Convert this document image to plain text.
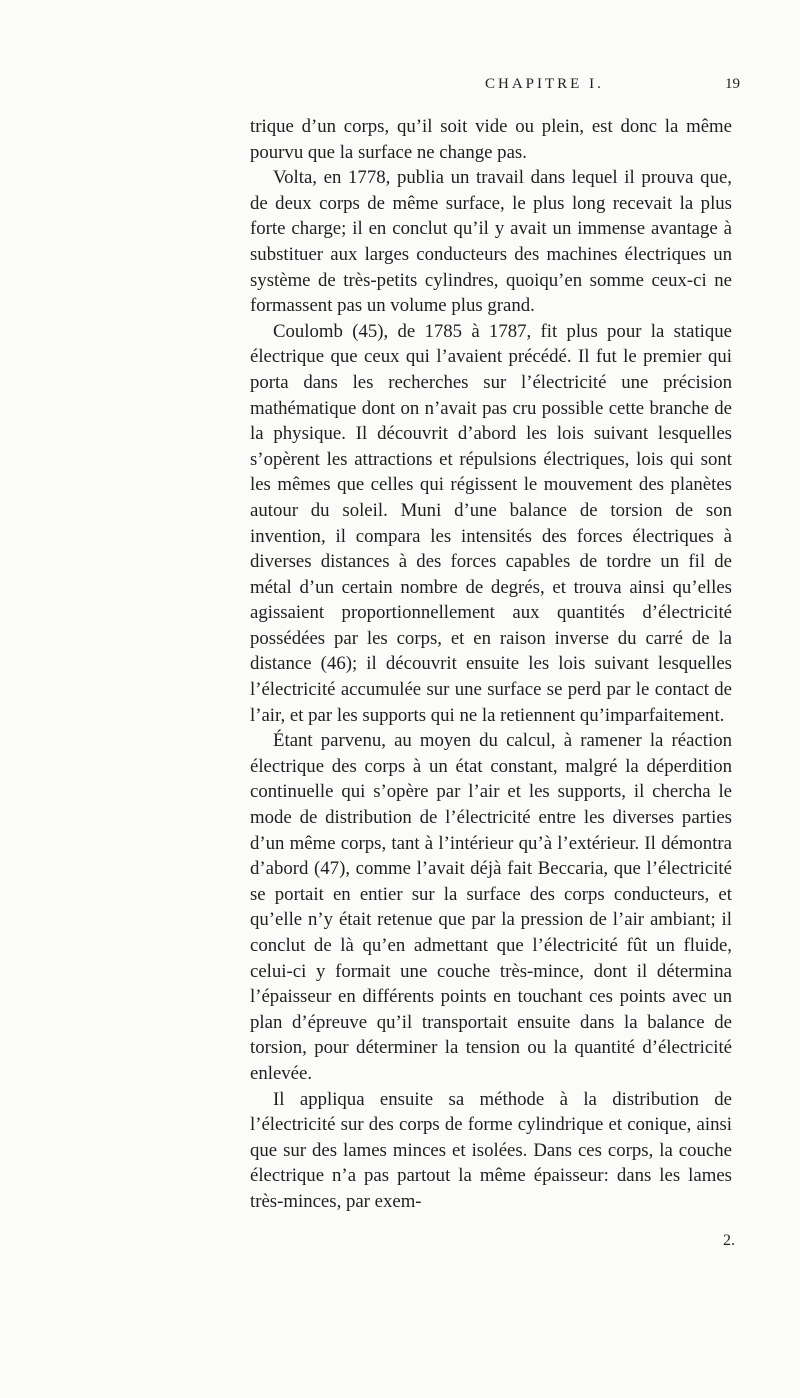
CHAPITRE I.	19

trique d’un corps, qu’il soit vide ou plein, est donc la même pourvu que la surface ne change pas.

Volta, en 1778, publia un travail dans lequel il prouva que, de deux corps de même surface, le plus long recevait la plus forte charge; il en conclut qu’il y avait un immense avantage à substituer aux larges conducteurs des machines électriques un système de très-petits cylindres, quoiqu’en somme ceux-ci ne formassent pas un volume plus grand.

Coulomb (45), de 1785 à 1787, fit plus pour la statique électrique que ceux qui l’avaient précédé. Il fut le premier qui porta dans les recherches sur l’électricité une précision mathématique dont on n’avait pas cru possible cette branche de la physique. Il découvrit d’abord les lois suivant lesquelles s’opèrent les attractions et répulsions électriques, lois qui sont les mêmes que celles qui régissent le mouvement des planètes autour du soleil. Muni d’une balance de torsion de son invention, il compara les intensités des forces électriques à diverses distances à des forces capables de tordre un fil de métal d’un certain nombre de degrés, et trouva ainsi qu’elles agissaient proportionnellement aux quantités d’électricité possédées par les corps, et en raison inverse du carré de la distance (46); il découvrit ensuite les lois suivant lesquelles l’électricité accumulée sur une surface se perd par le contact de l’air, et par les supports qui ne la retiennent qu’imparfaitement.

Étant parvenu, au moyen du calcul, à ramener la réaction électrique des corps à un état constant, malgré la déperdition continuelle qui s’opère par l’air et les supports, il chercha le mode de distribution de l’électricité entre les diverses parties d’un même corps, tant à l’intérieur qu’à l’extérieur. Il démontra d’abord (47), comme l’avait déjà fait Beccaria, que l’électricité se portait en entier sur la surface des corps conducteurs, et qu’elle n’y était retenue que par la pression de l’air ambiant; il conclut de là qu’en admettant que l’électricité fût un fluide, celui-ci y formait une couche très-mince, dont il détermina l’épaisseur en différents points en touchant ces points avec un plan d’épreuve qu’il transportait ensuite dans la balance de torsion, pour déterminer la tension ou la quantité d’électricité enlevée.

Il appliqua ensuite sa méthode à la distribution de l’électricité sur des corps de forme cylindrique et conique, ainsi que sur des lames minces et isolées. Dans ces corps, la couche électrique n’a pas partout la même épaisseur: dans les lames très-minces, par exem-

2.
